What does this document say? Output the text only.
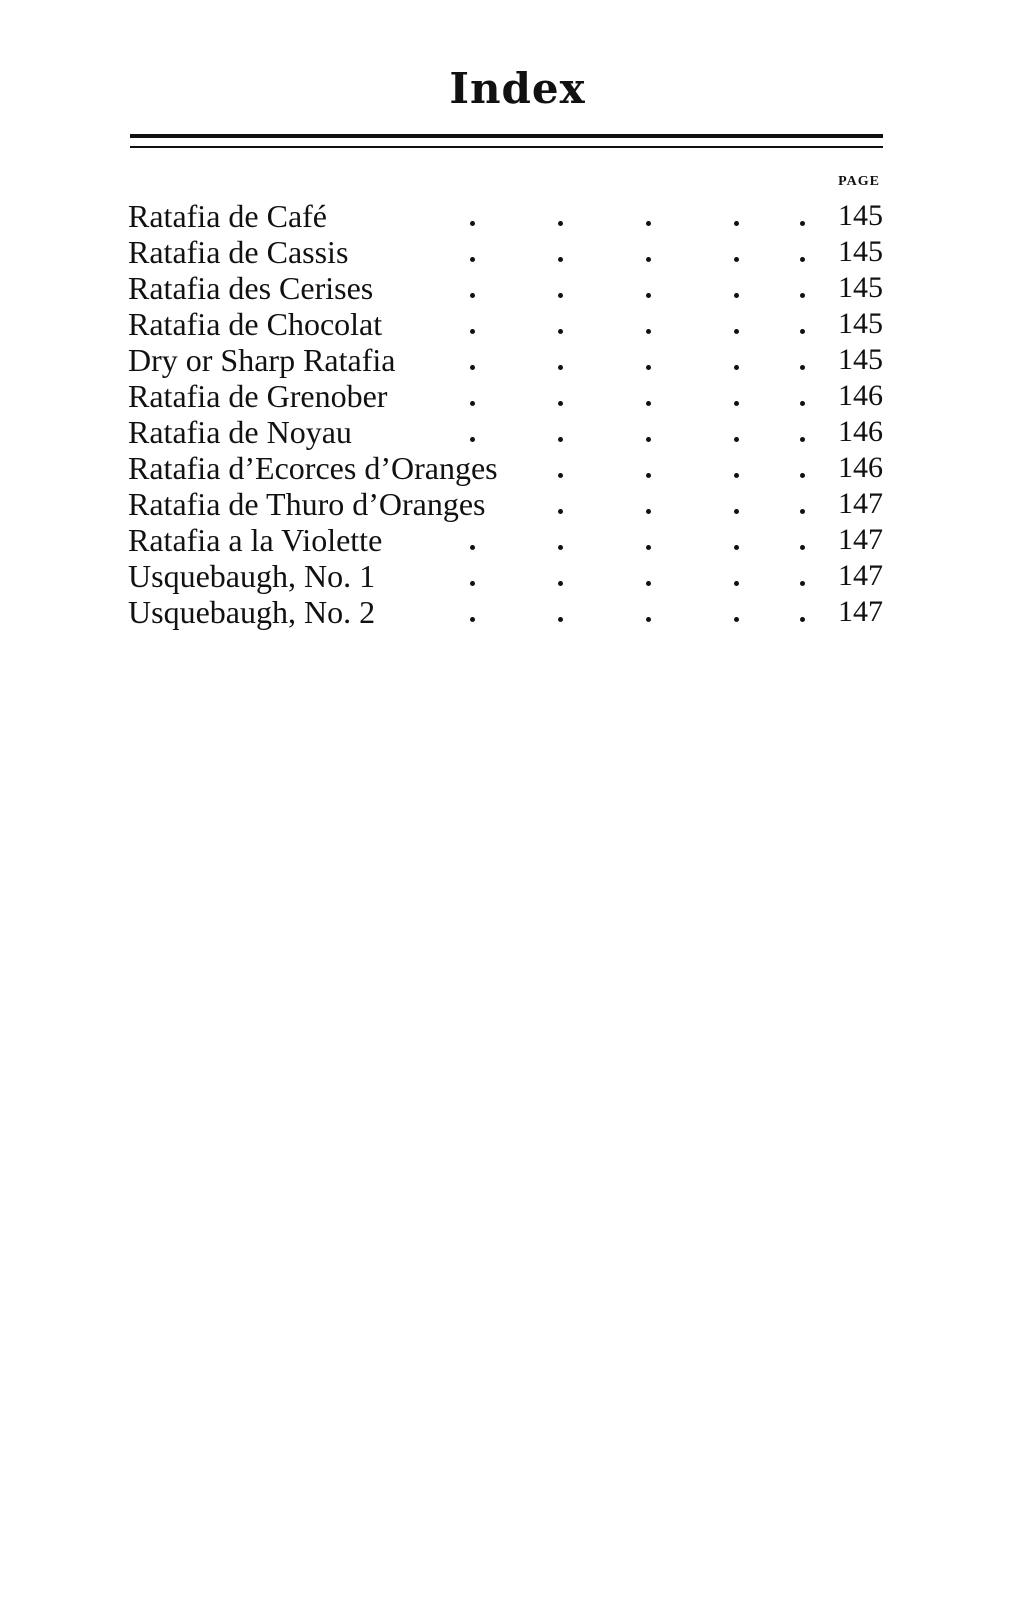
Index
PAGE
Ratafia de Café	145
Ratafia de Cassis	145
Ratafia des Cerises	145
Ratafia de Chocolat	145
Dry or Sharp Ratafia	145
Ratafia de Grenober	146
Ratafia de Noyau	146
Ratafia d’Ecorces d’Oranges	146
Ratafia de Thuro d’Oranges	147
Ratafia a la Violette	147
Usquebaugh, No. 1	147
Usquebaugh, No. 2	147
